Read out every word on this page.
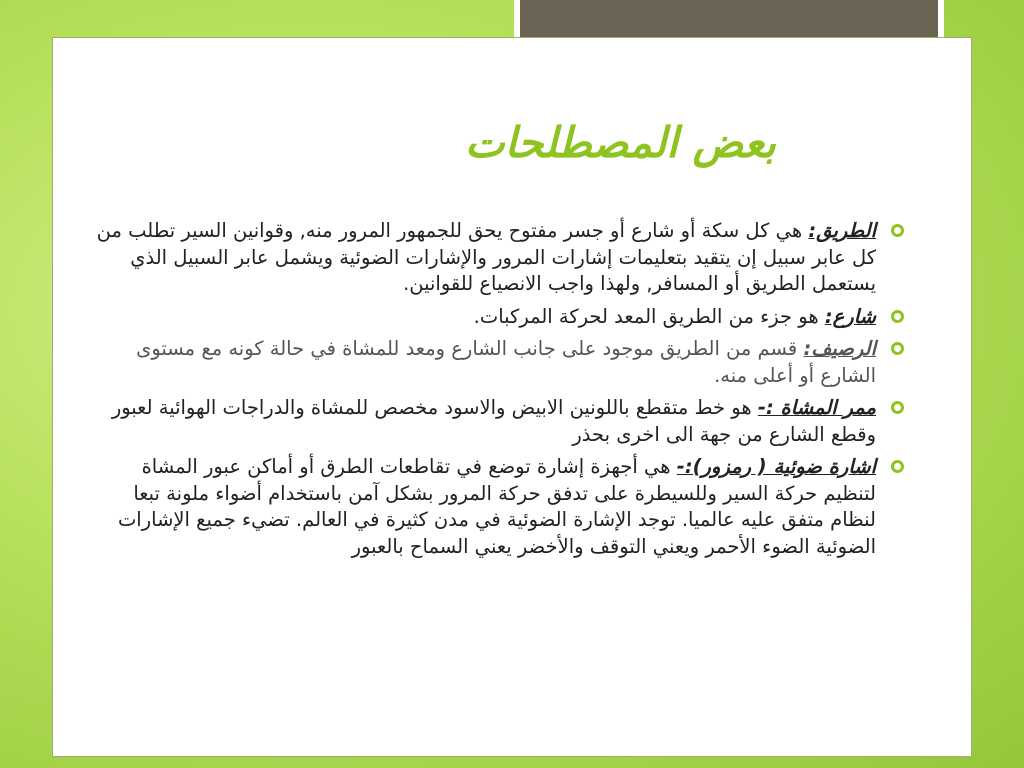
بعض المصطلحات
الطريق: هي كل سكة أو شارع أو جسر مفتوح يحق للجمهور المرور منه, وقوانين السير تطلب من كل عابر سبيل إن يتقيد بتعليمات إشارات المرور والإشارات الضوئية ويشمل عابر السبيل الذي يستعمل الطريق أو المسافر, ولهذا واجب الانصياع للقوانين.
شارع: هو جزء من الطريق المعد لحركة المركبات.
الرصيف: قسم من الطريق موجود على جانب الشارع ومعد للمشاة في حالة كونه مع مستوى الشارع أو أعلى منه.
ممر المشاة :- هو خط متقطع باللونين الابيض والاسود مخصص للمشاة والدراجات الهوائية لعبور وقطع الشارع من جهة الى اخرى بحذر
اشارة ضوئية ( رمزور):- هي أجهزة إشارة توضع في تقاطعات الطرق أو أماكن عبور المشاة لتنظيم حركة السير وللسيطرة على تدفق حركة المرور بشكل آمن باستخدام أضواء ملونة تبعا لنظام متفق عليه عالميا. توجد الإشارة الضوئية في مدن كثيرة في العالم. تضيء جميع الإشارات الضوئية الضوء الأحمر ويعني التوقف والأخضر يعني السماح بالعبور
